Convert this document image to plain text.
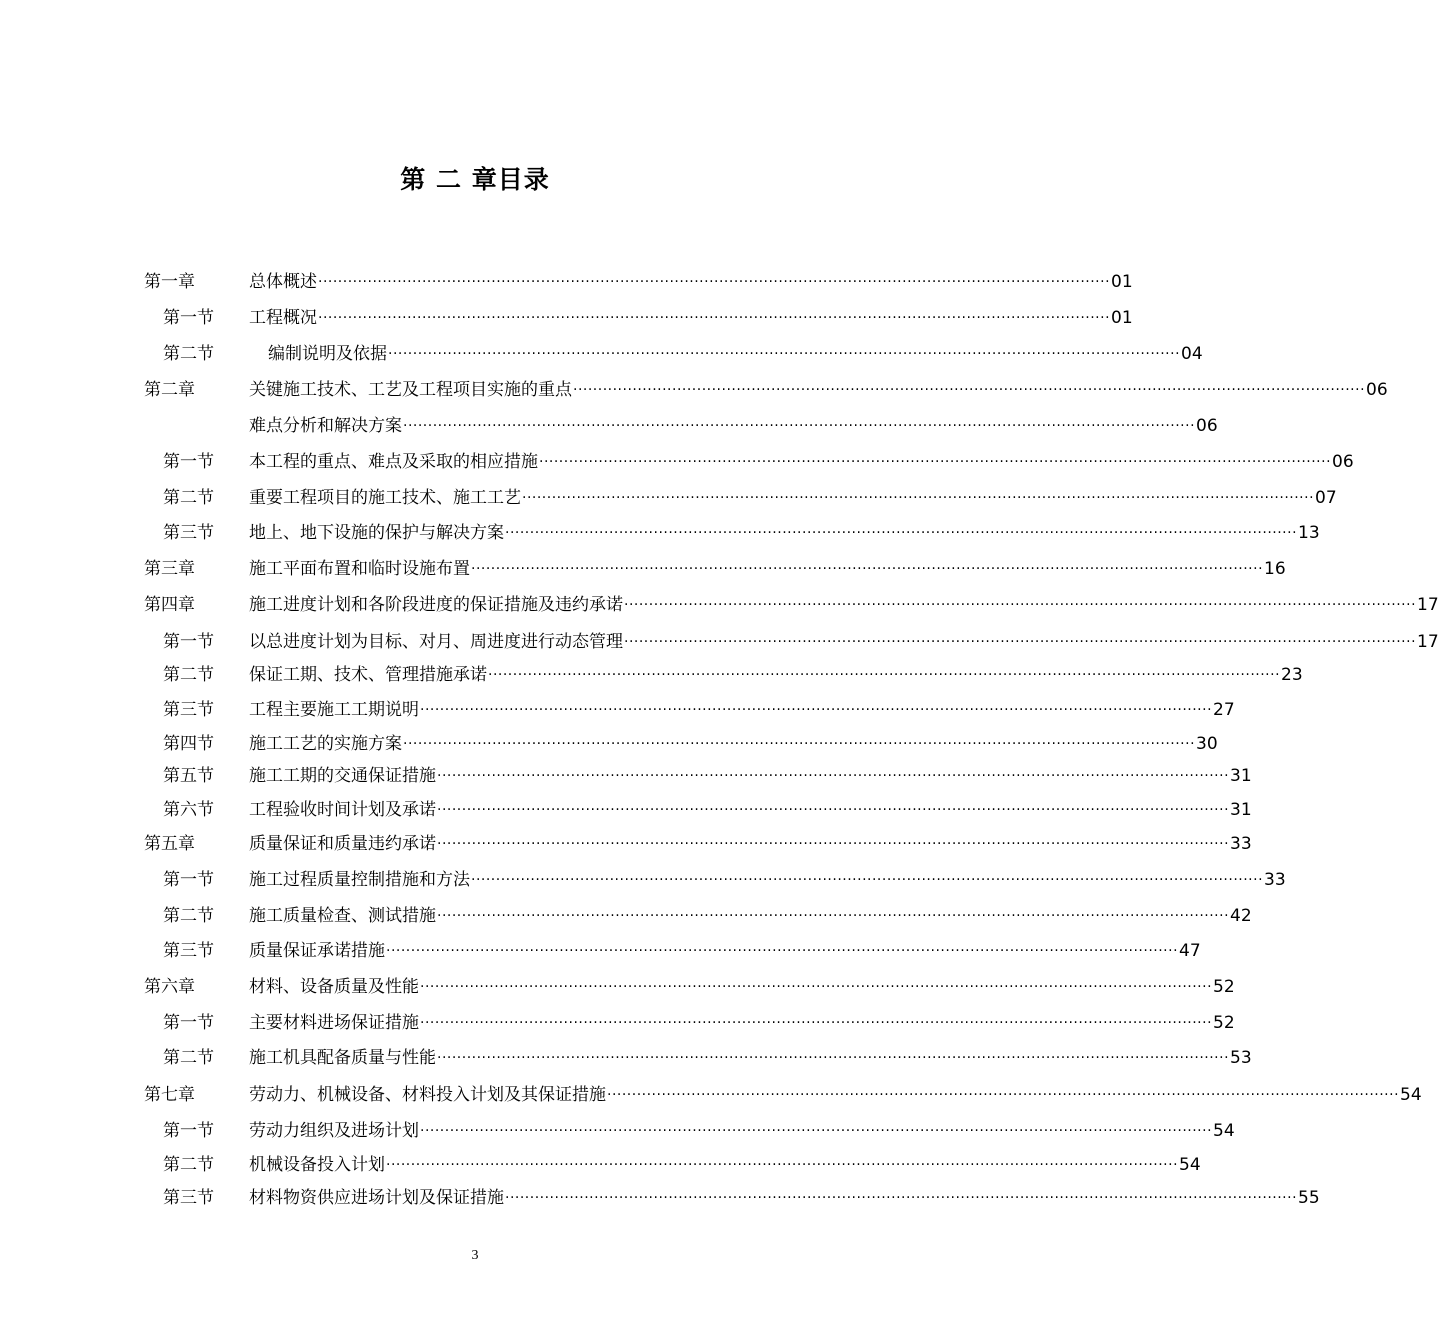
第 二 章目录
第一章	总体概述 ································································································································································ 01
第一节 工程概况 ································································································································································ 01
第二节	编制说明及依据 ································································································································································ 04
第二章	关键施工技术、工艺及工程项目实施的重点 ································································································································································ 06
难点分析和解决方案 ································································································································································ 06
第一节 本工程的重点、难点及采取的相应措施 ································································································································································ 06
第二节 重要工程项目的施工技术、施工工艺 ································································································································································ 07
第三节 地上、地下设施的保护与解决方案 ································································································································································ 13
第三章	施工平面布置和临时设施布置 ································································································································································ 16
第四章	施工进度计划和各阶段进度的保证措施及违约承诺 ································································································································································ 17
第一节 以总进度计划为目标、对月、周进度进行动态管理 ································································································································································ 17
第二节 保证工期、技术、管理措施承诺 ································································································································································ 23
第三节 工程主要施工工期说明 ································································································································································ 27
第四节 施工工艺的实施方案 ································································································································································ 30
第五节 施工工期的交通保证措施 ································································································································································ 31
第六节 工程验收时间计划及承诺 ································································································································································ 31
第五章	质量保证和质量违约承诺 ································································································································································ 33
第一节 施工过程质量控制措施和方法 ································································································································································ 33
第二节 施工质量检查、测试措施 ································································································································································ 42
第三节 质量保证承诺措施 ································································································································································ 47
第六章	材料、设备质量及性能 ································································································································································ 52
第一节 主要材料进场保证措施 ································································································································································ 52
第二节 施工机具配备质量与性能 ································································································································································ 53
第七章	劳动力、机械设备、材料投入计划及其保证措施 ································································································································································ 54
第一节 劳动力组织及进场计划 ································································································································································ 54
第二节 机械设备投入计划 ································································································································································ 54
第三节 材料物资供应进场计划及保证措施 ································································································································································ 55
3
